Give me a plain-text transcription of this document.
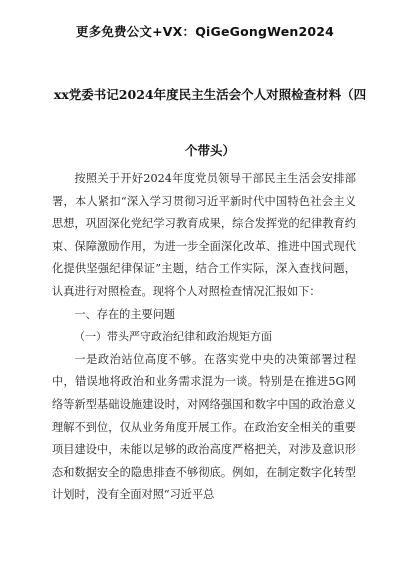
更多免费公文+VX：QiGeGongWen2024
xx党委书记2024年度民主生活会个人对照检查材料（四个带头）

按照关于开好2024年度党员领导干部民主生活会安排部署，本人紧扣“深入学习贯彻习近平新时代中国特色社会主义思想，巩固深化党纪学习教育成果，综合发挥党的纪律教育约束、保障激励作用，为进一步全面深化改革、推进中国式现代化提供坚强纪律保证”主题，结合工作实际，深入查找问题，认真进行对照检查。现将个人对照检查情况汇报如下：

一、存在的主要问题
（一）带头严守政治纪律和政治规矩方面

一是政治站位高度不够。在落实党中央的决策部署过程中，错误地将政治和业务需求混为一谈。特别是在推进5G网络等新型基础设施建设时，对网络强国和数字中国的政治意义理解不到位，仅从业务角度开展工作。在政治安全相关的重要项目建设中，未能以足够的政治高度严格把关，对涉及意识形态和数据安全的隐患排查不够彻底。例如，在制定数字化转型计划时，没有全面对照“习近平总
